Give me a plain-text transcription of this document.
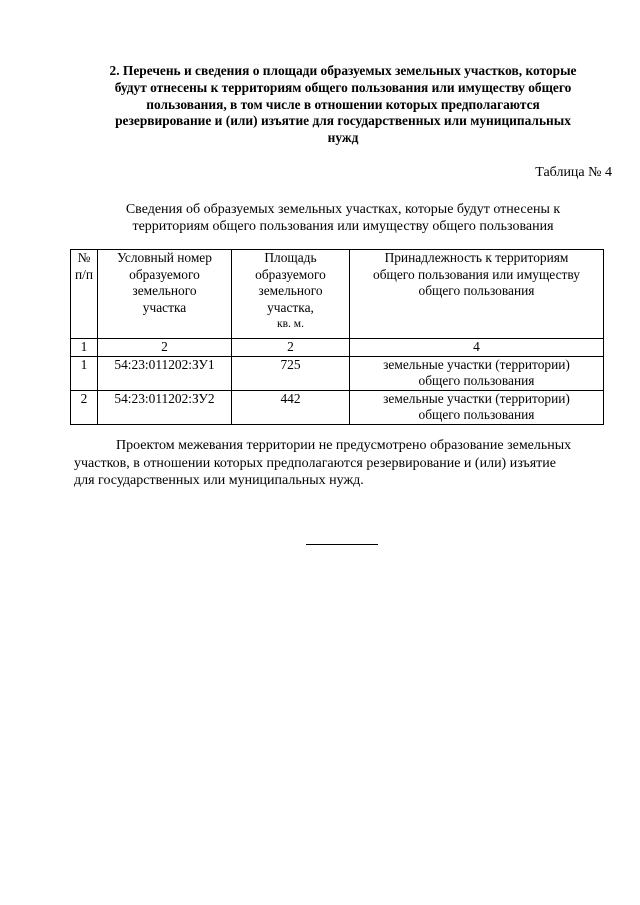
2. Перечень и сведения о площади образуемых земельных участков, которые
будут отнесены к территориям общего пользования или имуществу общего
пользования, в том числе в отношении которых предполагаются
резервирование и (или) изъятие для государственных или муниципальных
нужд
Таблица № 4
Сведения об образуемых земельных участках, которые будут отнесены к
территориям общего пользования или имуществу общего пользования
№
п/п	Условный номер
образуемого
земельного
участка	Площадь
образуемого
земельного
участка,
кв. м.	Принадлежность к территориям
общего пользования или имуществу
общего пользования

1	2	2	4
1	54:23:011202:ЗУ1	725	земельные участки (территории)
общего пользования

2	54:23:011202:ЗУ2	442	земельные участки (территории)
общего пользования
Проектом межевания территории не предусмотрено образование земельных
участков, в отношении которых предполагаются резервирование и (или) изъятие
для государственных или муниципальных нужд.
